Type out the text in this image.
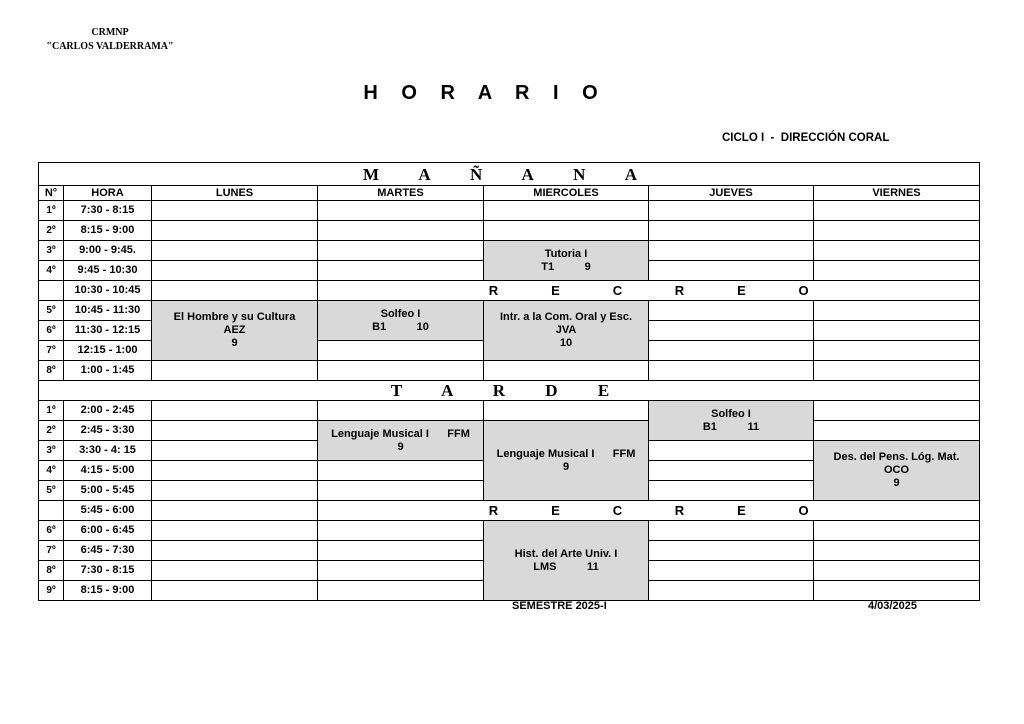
CRMNP
"CARLOS VALDERRAMA"
H O R A R I O
CICLO I  -  DIRECCIÓN CORAL
M A Ñ A N A						
N°	HORA	LUNES	MARTES	MIERCOLES	JUEVES	VIERNES
1º	7:30 - 8:15					
2º	8:15 - 9:00					
3º	9:00 - 9:45.			Tutoria I
T1          9		

4º	9:45 - 10:30					
	10:30 - 10:45		R E C R E O			
5º	10:45 - 11:30	El Hombre y su Cultura
AEZ
9	Solfeo I
B1          10	Intr. a la Com. Oral y Esc.
JVA
10		

6º	11:30 - 12:15					
7º	12:15 - 1:00					
8º	1:00 - 1:45					
T A R D E						
1º	2:00 - 2:45				Solfeo I
B1          11	

2º	2:45 - 3:30		Lenguaje Musical I      FFM
9	Lenguaje Musical I      FFM
9		

3º	3:30 - 4: 15					Des. del Pens. Lóg. Mat.
OCO
9

4º	4:15 - 5:00					
5º	5:00 - 5:45					
	5:45 - 6:00		R E C R E O			
6º	6:00 - 6:45			Hist. del Arte Univ. I
LMS          11		

7º	6:45 - 7:30					
8º	7:30 - 8:15					
9º	8:15 - 9:00					
SEMESTRE 2025-I	4/03/2025
